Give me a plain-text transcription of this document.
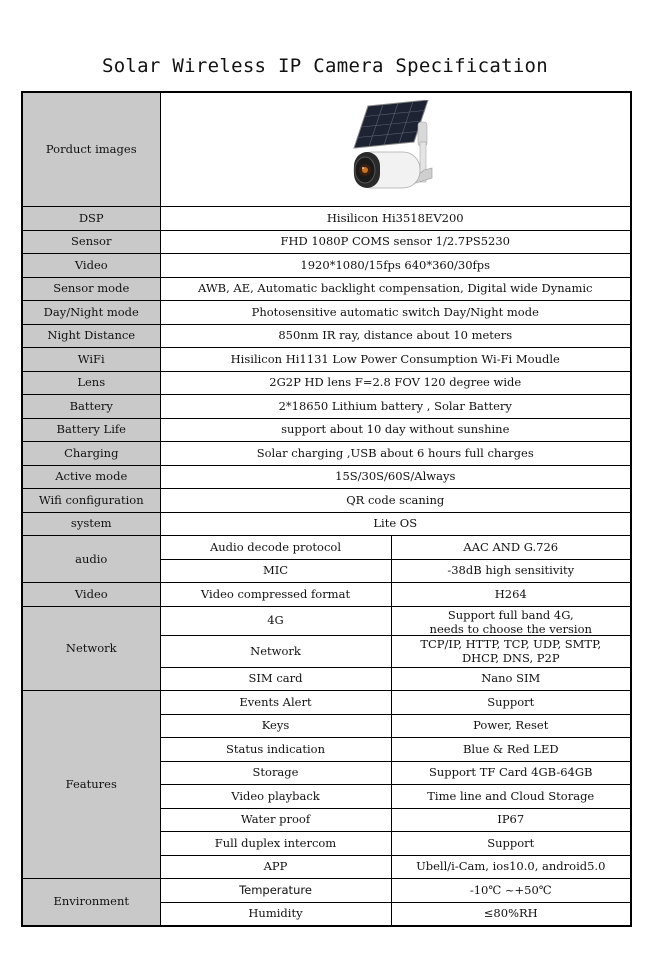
Solar Wireless IP Camera Specification
Porduct images	

DSP	Hisilicon Hi3518EV200	
Sensor	FHD 1080P COMS sensor 1/2.7PS5230	
Video	1920*1080/15fps 640*360/30fps	
Sensor mode	AWB, AE, Automatic backlight compensation, Digital wide Dynamic	
Day/Night mode	Photosensitive automatic switch Day/Night mode	
Night Distance	850nm IR ray, distance about 10 meters	
WiFi	Hisilicon Hi1131 Low Power Consumption Wi-Fi Moudle	
Lens	2G2P HD lens F=2.8 FOV 120 degree wide	
Battery	2*18650 Lithium battery , Solar Battery	
Battery Life	support about 10 day without sunshine	
Charging	Solar charging ,USB about 6 hours full charges	
Active mode	15S/30S/60S/Always	
Wifi configuration	QR code scaning	
system	Lite OS	
audio	Audio decode protocol	AAC AND G.726
	MIC	-38dB high sensitivity
Video	Video compressed format	H264
Network	4G	Support full band 4G,
needs to choose the version

	Network	TCP/IP, HTTP, TCP, UDP, SMTP,
DHCP, DNS, P2P

	SIM card	Nano SIM
Features	Events Alert	Support
	Keys	Power, Reset
	Status indication	Blue & Red LED
	Storage	Support TF Card 4GB-64GB
	Video playback	Time line and Cloud Storage
	Water proof	IP67
	Full duplex intercom	Support
	APP	Ubell/i-Cam, ios10.0, android5.0
Environment	Temperature	-10℃ ~+50℃
	Humidity	≤80%RH
